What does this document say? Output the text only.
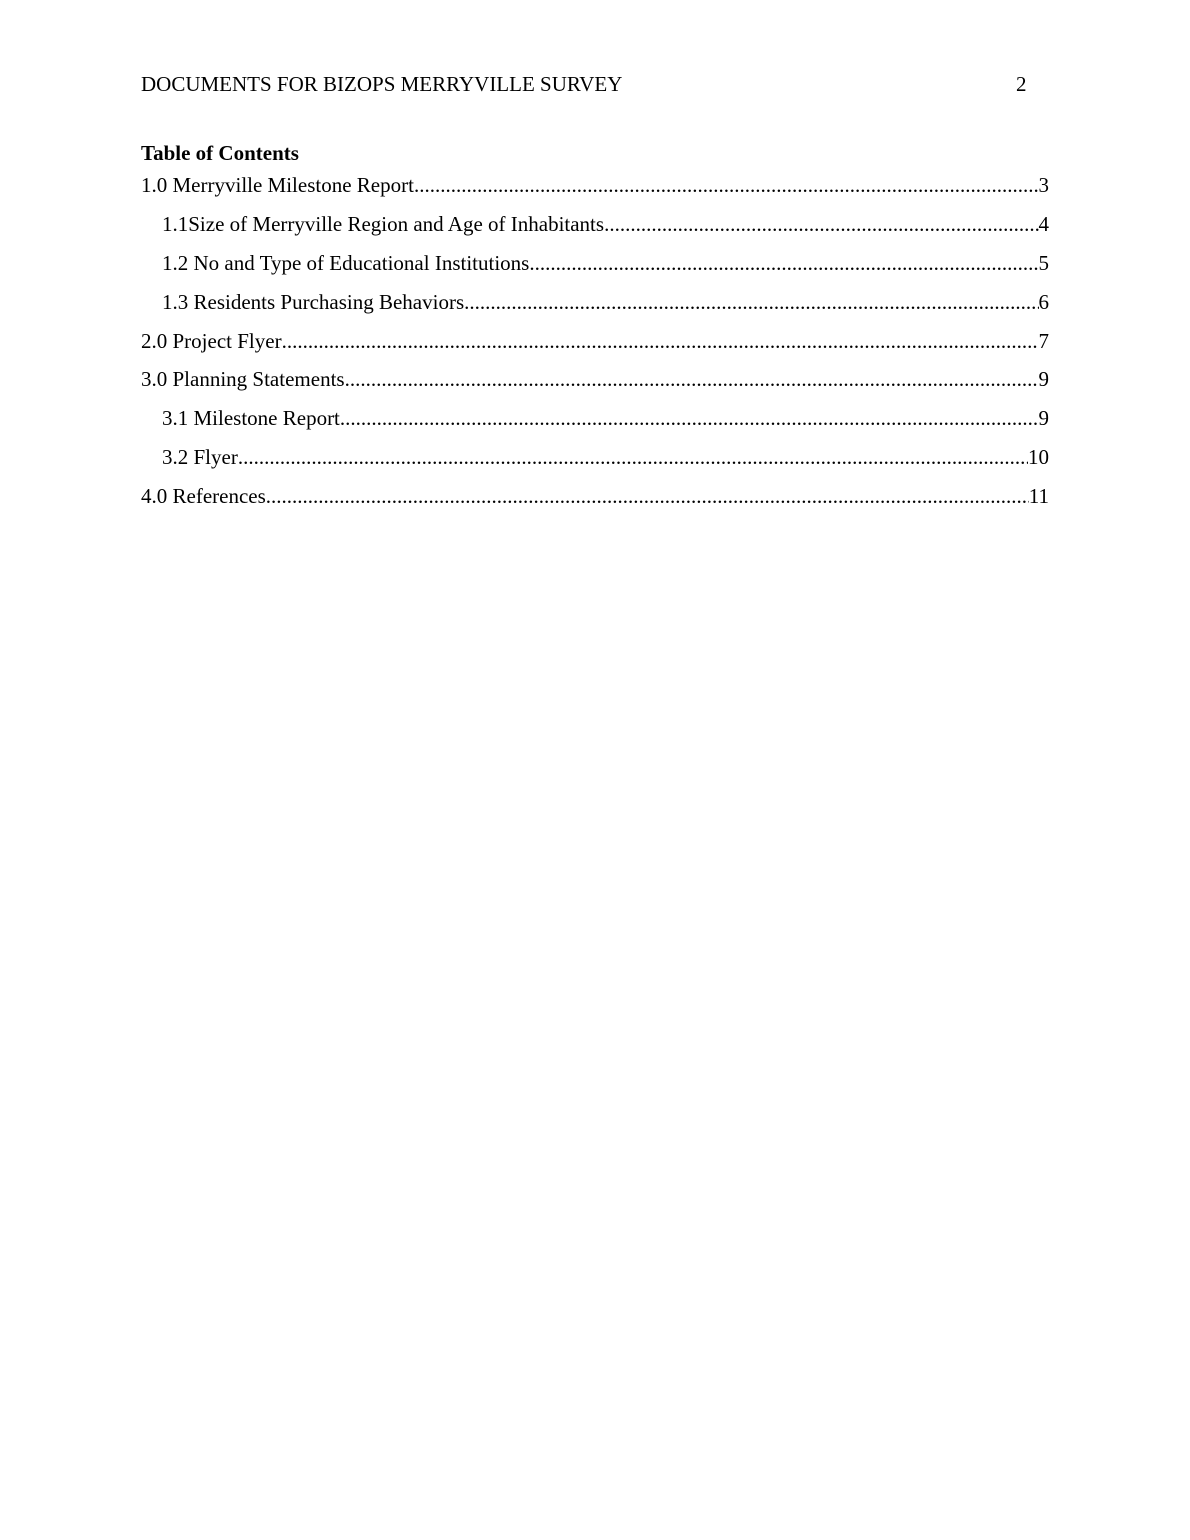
DOCUMENTS FOR BIZOPS MERRYVILLE SURVEY	2
Table of Contents
1.0 Merryville Milestone Report .....	3
1.1Size of Merryville Region and Age of Inhabitants .....	4
1.2 No and Type of Educational Institutions .....	5
1.3 Residents Purchasing Behaviors .....	6
2.0 Project Flyer .....	7
3.0 Planning Statements .....	9
3.1 Milestone Report .....	9
3.2 Flyer .....	10
4.0 References .....	11
